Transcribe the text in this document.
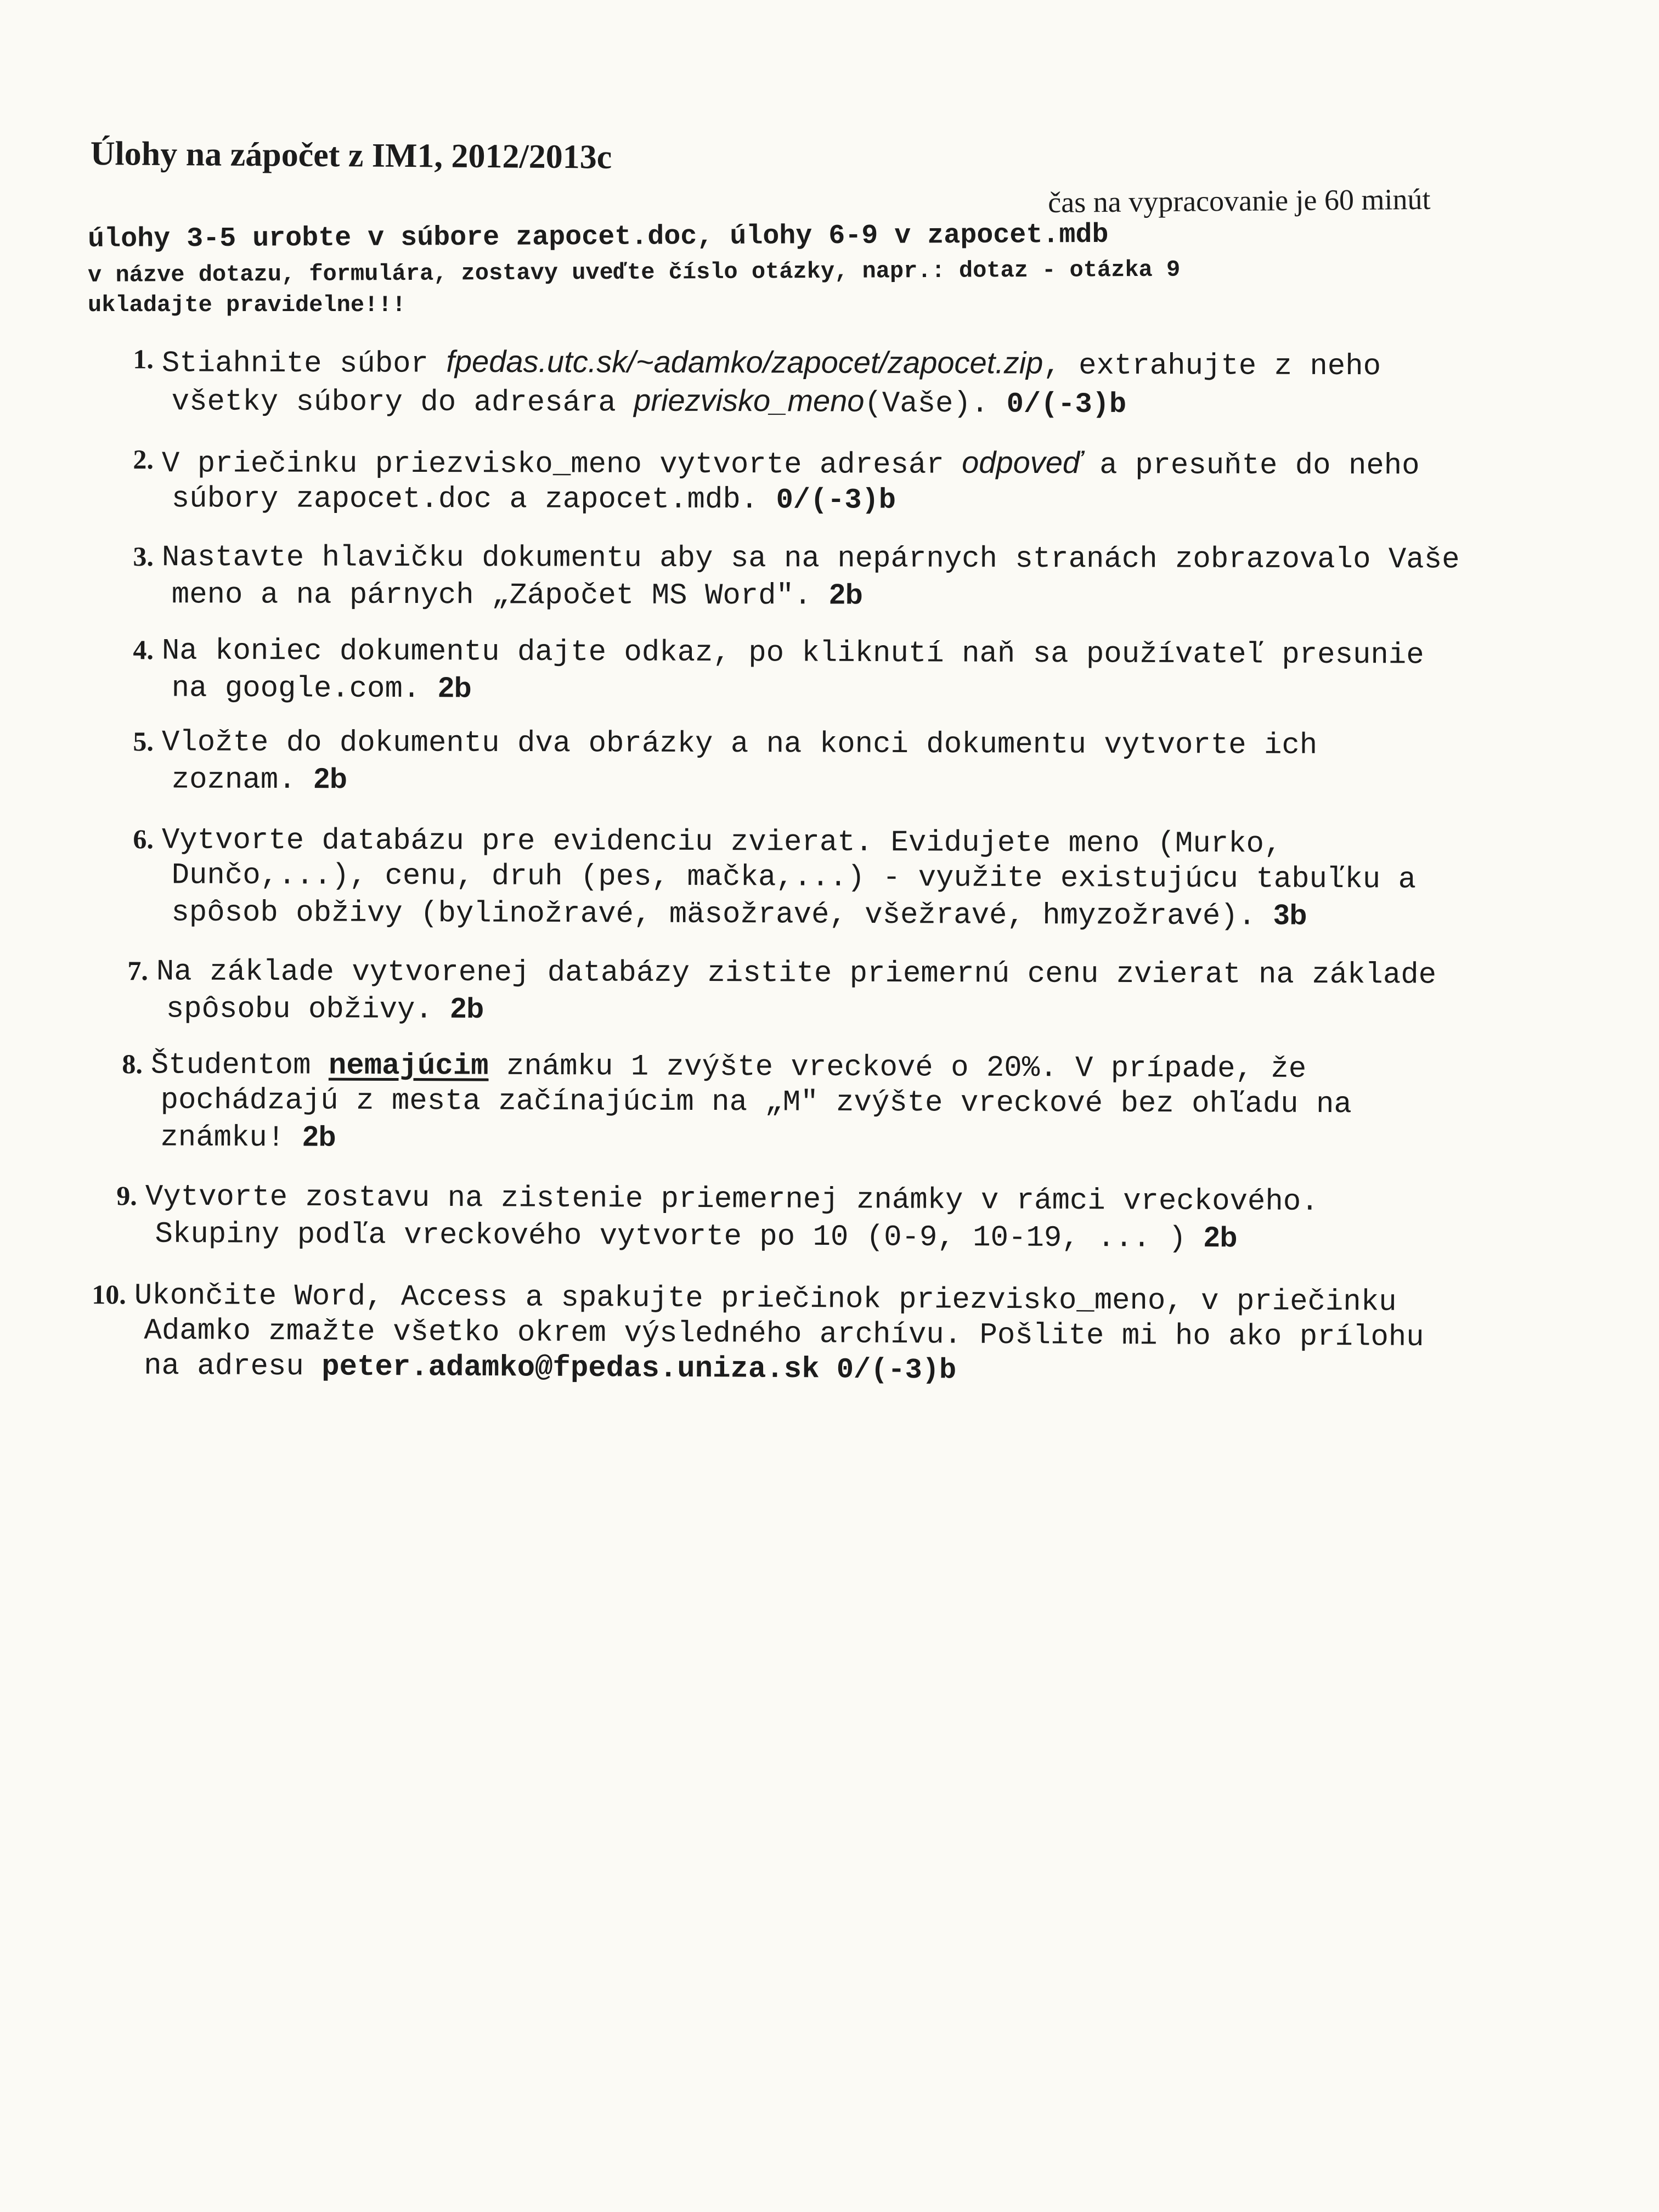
Úlohy na zápočet z IM1, 2012/2013c
čas na vypracovanie je 60 minút
úlohy 3-5 urobte v súbore zapocet.doc, úlohy 6-9 v zapocet.mdb
v názve dotazu, formulára, zostavy uveďte číslo otázky, napr.: dotaz - otázka 9
ukladajte pravidelne!!!
1. Stiahnite súbor fpedas.utc.sk/~adamko/zapocet/zapocet.zip, extrahujte z neho
všetky súbory do adresára priezvisko_meno(Vaše). 0/(-3)b
2. V priečinku priezvisko_meno vytvorte adresár odpoveď a presuňte do neho
súbory zapocet.doc a zapocet.mdb. 0/(-3)b
3. Nastavte hlavičku dokumentu aby sa na nepárnych stranách zobrazovalo Vaše
meno a na párnych „Zápočet MS Word". 2b
4. Na koniec dokumentu dajte odkaz, po kliknutí naň sa používateľ presunie
na google.com. 2b
5. Vložte do dokumentu dva obrázky a na konci dokumentu vytvorte ich
zoznam. 2b
6. Vytvorte databázu pre evidenciu zvierat. Evidujete meno (Murko,
Dunčo,...), cenu, druh (pes, mačka,...) - využite existujúcu tabuľku a
spôsob obživy (bylinožravé, mäsožravé, všežravé, hmyzožravé). 3b
7. Na základe vytvorenej databázy zistite priemernú cenu zvierat na základe
spôsobu obživy. 2b
8. Študentom nemajúcim známku 1 zvýšte vreckové o 20%. V prípade, že
pochádzajú z mesta začínajúcim na „M" zvýšte vreckové bez ohľadu na
známku! 2b
9. Vytvorte zostavu na zistenie priemernej známky v rámci vreckového.
Skupiny podľa vreckového vytvorte po 10 (0-9, 10-19, ... ) 2b
10. Ukončite Word, Access a spakujte priečinok priezvisko_meno, v priečinku
Adamko zmažte všetko okrem výsledného archívu. Pošlite mi ho ako prílohu
na adresu peter.adamko@fpedas.uniza.sk 0/(-3)b
